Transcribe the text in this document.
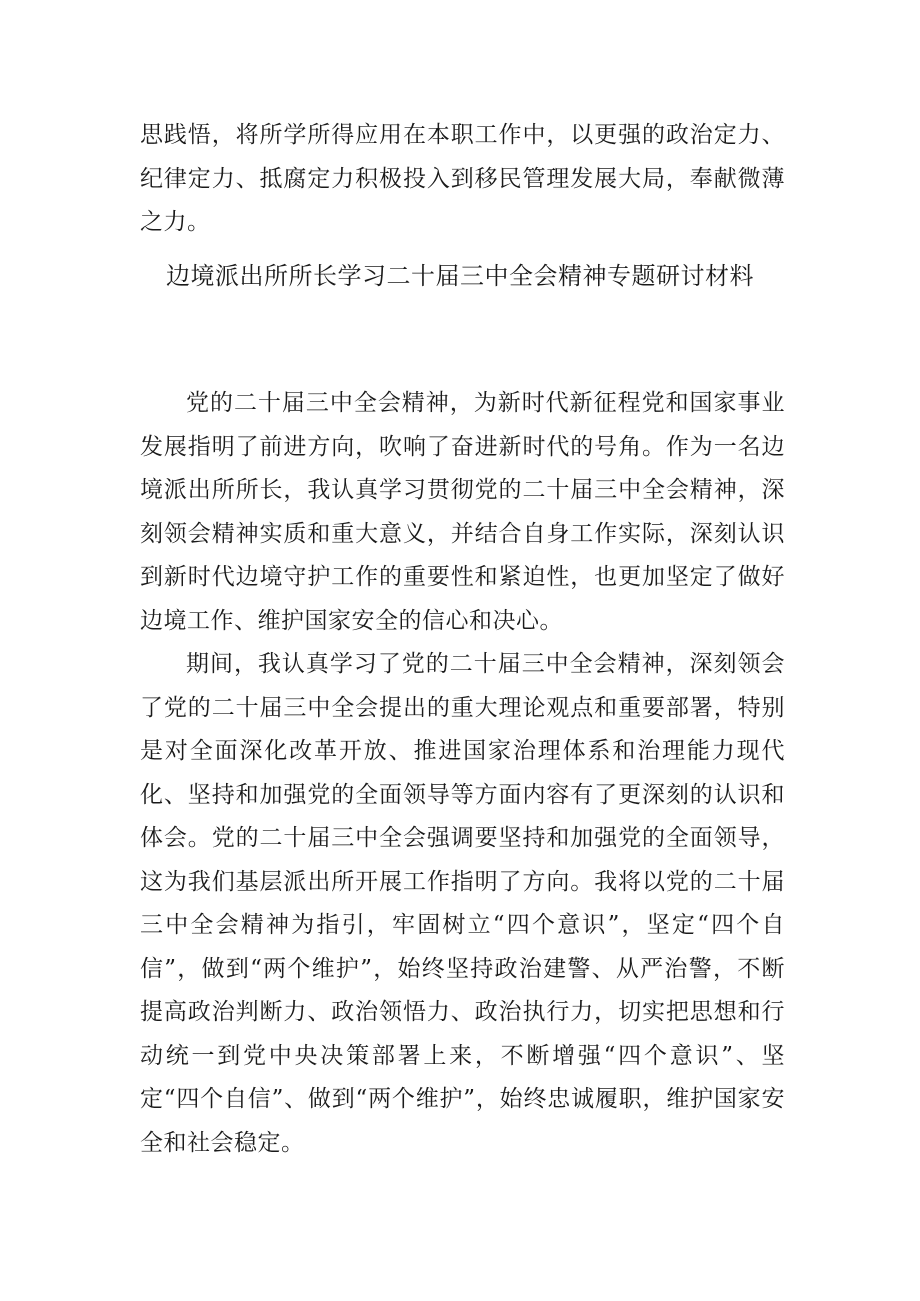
思践悟，将所学所得应用在本职工作中，以更强的政治定力、纪律定力、抵腐定力积极投入到移民管理发展大局，奉献微薄之力。

边境派出所所长学习二十届三中全会精神专题研讨材料

党的二十届三中全会精神，为新时代新征程党和国家事业发展指明了前进方向，吹响了奋进新时代的号角。作为一名边境派出所所长，我认真学习贯彻党的二十届三中全会精神，深刻领会精神实质和重大意义，并结合自身工作实际，深刻认识到新时代边境守护工作的重要性和紧迫性，也更加坚定了做好边境工作、维护国家安全的信心和决心。

期间，我认真学习了党的二十届三中全会精神，深刻领会了党的二十届三中全会提出的重大理论观点和重要部署，特别是对全面深化改革开放、推进国家治理体系和治理能力现代化、坚持和加强党的全面领导等方面内容有了更深刻的认识和体会。党的二十届三中全会强调要坚持和加强党的全面领导，这为我们基层派出所开展工作指明了方向。我将以党的二十届三中全会精神为指引，牢固树立“四个意识”，坚定“四个自信”，做到“两个维护”，始终坚持政治建警、从严治警，不断提高政治判断力、政治领悟力、政治执行力，切实把思想和行动统一到党中央决策部署上来，不断增强“四个意识”、坚定“四个自信”、做到“两个维护”，始终忠诚履职，维护国家安全和社会稳定。
